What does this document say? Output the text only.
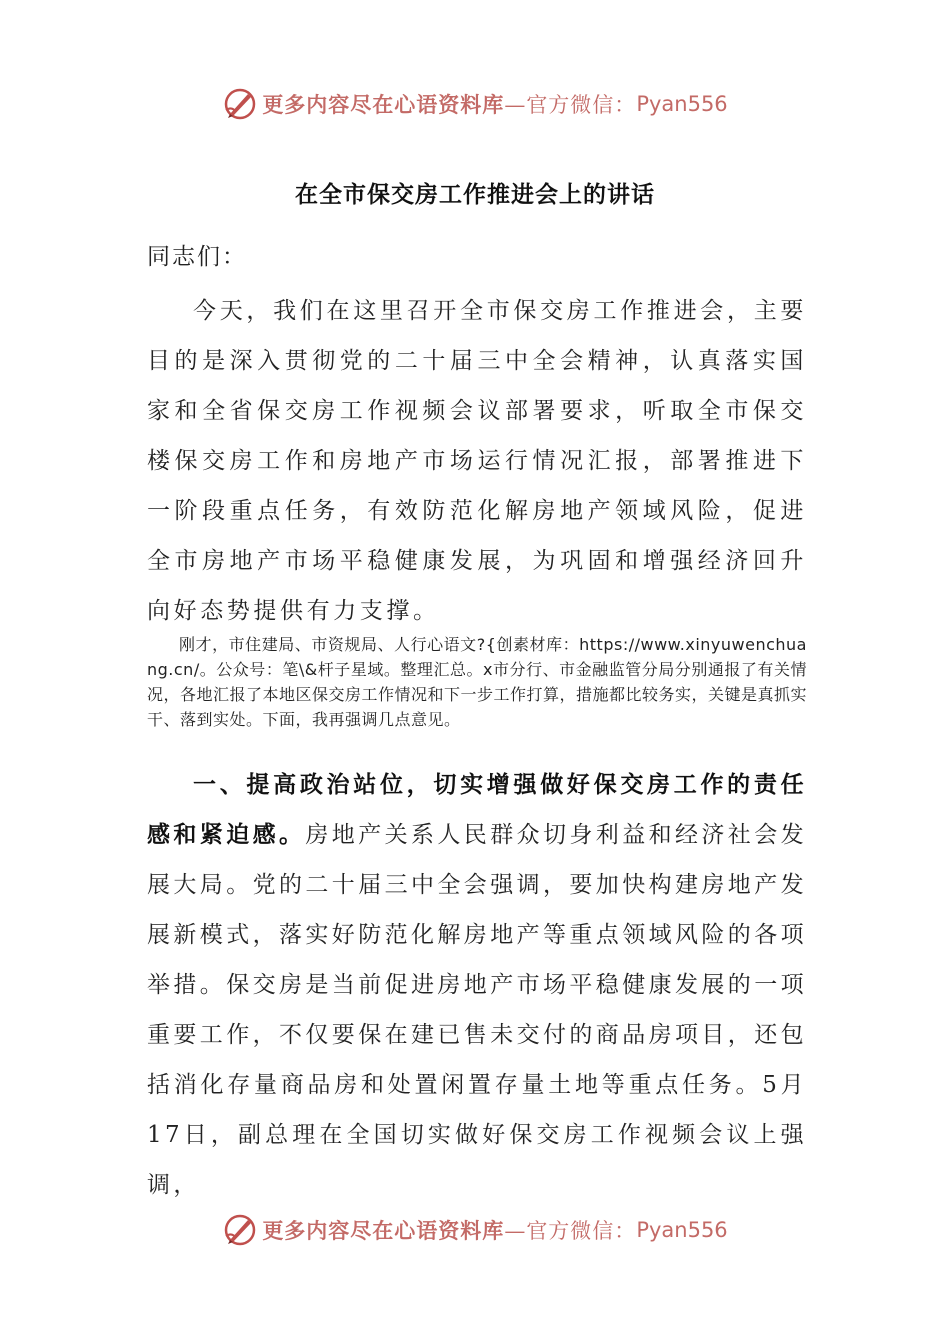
更多内容尽在心语资料库 —官方微信： Pyan556
在全市保交房工作推进会上的讲话
同志们：
今天，我们在这里召开全市保交房工作推进会，主要目的是深入贯彻党的二十届三中全会精神，认真落实国家和全省保交房工作视频会议部署要求，听取全市保交楼保交房工作和房地产市场运行情况汇报，部署推进下一阶段重点任务，有效防范化解房地产领域风险，促进全市房地产市场平稳健康发展，为巩固和增强经济回升向好态势提供有力支撑。
刚才，市住建局、市资规局、人行心语文?{创素材库：https://www.xinyuwenchuang.cn/。公众号：笔\&杆子星域。整理汇总。x市分行、市金融监管分局分别通报了有关情况，各地汇报了本地区保交房工作情况和下一步工作打算，措施都比较务实，关键是真抓实干、落到实处。下面，我再强调几点意见。
一、提高政治站位，切实增强做好保交房工作的责任感和紧迫感。房地产关系人民群众切身利益和经济社会发展大局。党的二十届三中全会强调，要加快构建房地产发展新模式，落实好防范化解房地产等重点领域风险的各项举措。保交房是当前促进房地产市场平稳健康发展的一项重要工作，不仅要保在建已售未交付的商品房项目，还包括消化存量商品房和处置闲置存量土地等重点任务。5月17日，副总理在全国切实做好保交房工作视频会议上强调，
更多内容尽在心语资料库 —官方微信： Pyan556
